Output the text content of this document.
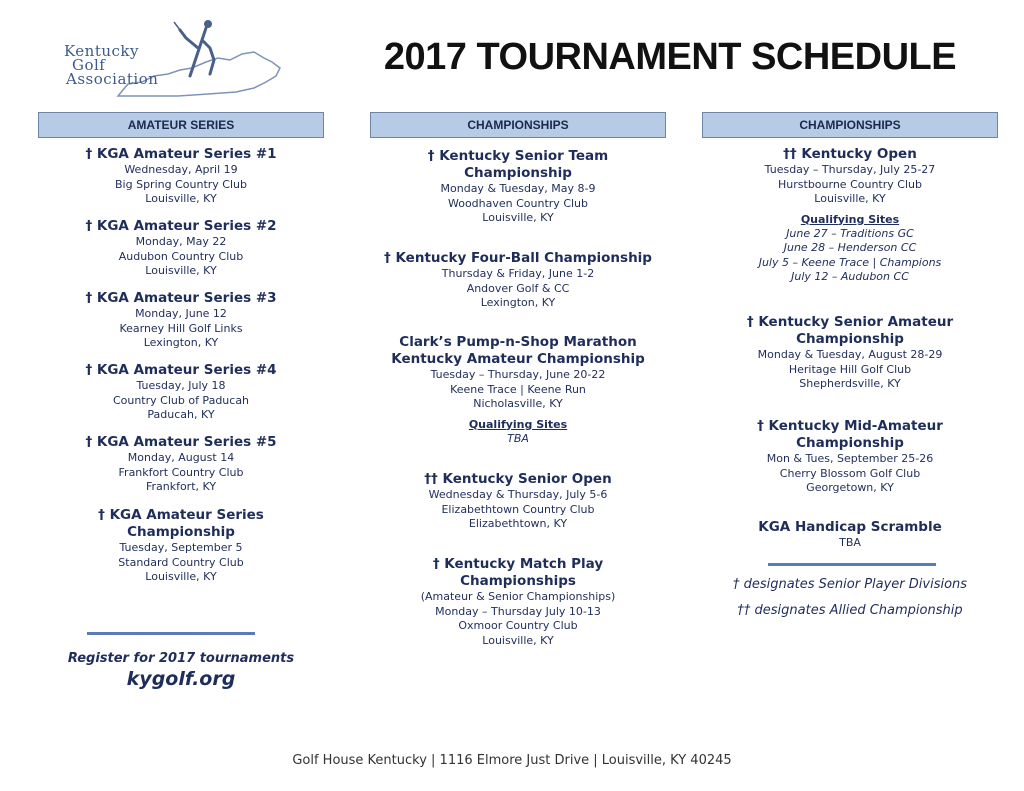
Kentucky
Golf
Association
2017 TOURNAMENT SCHEDULE
AMATEUR SERIES
† KGA Amateur Series #1
Wednesday, April 19
Big Spring Country Club
Louisville, KY
† KGA Amateur Series #2
Monday, May 22
Audubon Country Club
Louisville, KY
† KGA Amateur Series #3
Monday, June 12
Kearney Hill Golf Links
Lexington, KY
† KGA Amateur Series #4
Tuesday, July 18
Country Club of Paducah
Paducah, KY
† KGA Amateur Series #5
Monday, August 14
Frankfort Country Club
Frankfort, KY
† KGA Amateur Series
Championship
Tuesday, September 5
Standard Country Club
Louisville, KY
Register for 2017 tournaments
kygolf.org
CHAMPIONSHIPS
† Kentucky Senior Team
Championship
Monday & Tuesday, May 8-9
Woodhaven Country Club
Louisville, KY
† Kentucky Four-Ball Championship
Thursday & Friday, June 1-2
Andover Golf & CC
Lexington, KY
Clark’s Pump-n-Shop Marathon
Kentucky Amateur Championship
Tuesday – Thursday, June 20-22
Keene Trace | Keene Run
Nicholasville, KY
Qualifying Sites
TBA
†† Kentucky Senior Open
Wednesday & Thursday, July 5-6
Elizabethtown Country Club
Elizabethtown, KY
† Kentucky Match Play
Championships
(Amateur & Senior Championships)
Monday – Thursday July 10-13
Oxmoor Country Club
Louisville, KY
CHAMPIONSHIPS
†† Kentucky Open
Tuesday – Thursday, July 25-27
Hurstbourne Country Club
Louisville, KY
Qualifying Sites
June 27 – Traditions GC
June 28 – Henderson CC
July 5 – Keene Trace | Champions
July 12 – Audubon CC
† Kentucky Senior Amateur
Championship
Monday & Tuesday, August 28-29
Heritage Hill Golf Club
Shepherdsville, KY
† Kentucky Mid-Amateur
Championship
Mon & Tues, September 25-26
Cherry Blossom Golf Club
Georgetown, KY
KGA Handicap Scramble
TBA
† designates Senior Player Divisions
†† designates Allied Championship
Golf House Kentucky | 1116 Elmore Just Drive | Louisville, KY 40245
